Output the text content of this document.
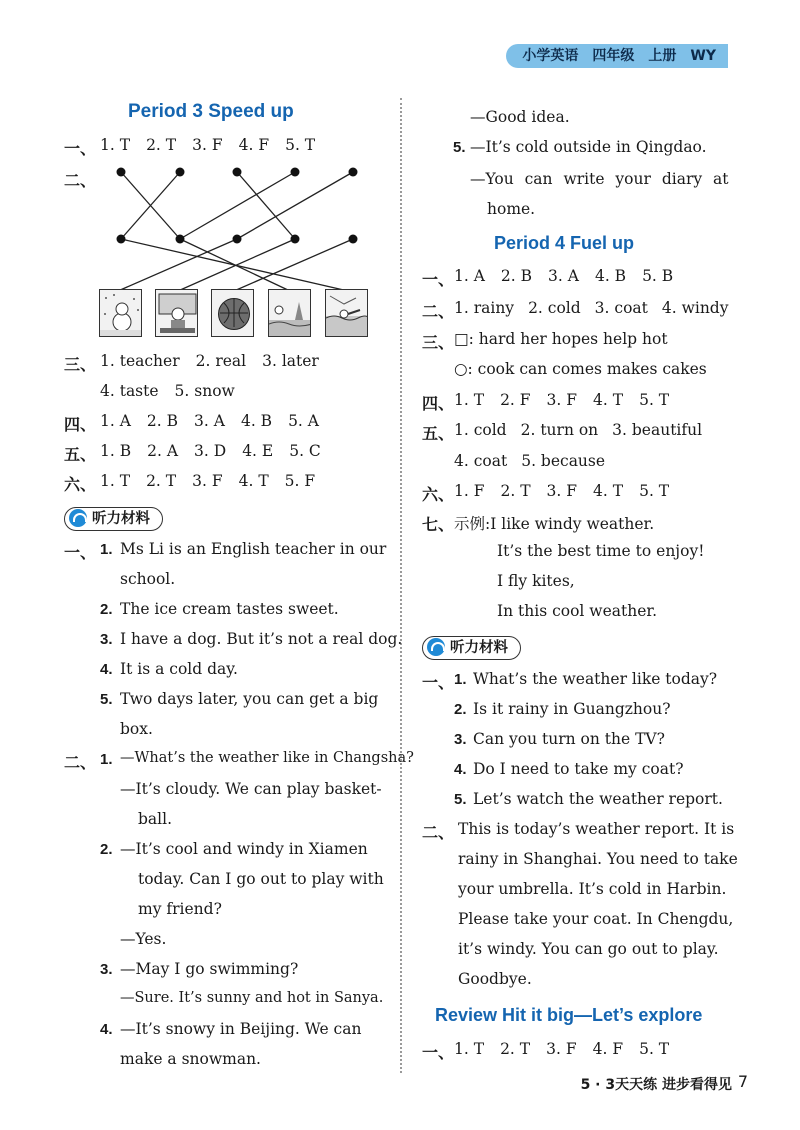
小学英语 四年级 上册 WY
Period 3 Speed up
一、 1. T 2. T 3. F 4. F 5. T
二、
三、 1. teacher 2. real 3. later
4. taste 5. snow
四、 1. A 2. B 3. A 4. B 5. A
五、 1. B 2. A 3. D 4. E 5. C
六、 1. T 2. T 3. F 4. T 5. F
听力材料
一、 1. Ms Li is an English teacher in our
school.
2. The ice cream tastes sweet.
3. I have a dog. But it’s not a real dog.
4. It is a cold day.
5. Two days later, you can get a big
box.
二、 1. —What’s the weather like in Changsha?
—It’s cloudy. We can play basket-
ball.
2. —It’s cool and windy in Xiamen
today. Can I go out to play with
my friend?
—Yes.
3. —May I go swimming?
—Sure. It’s sunny and hot in Sanya.
4. —It’s snowy in Beijing. We can
make a snowman.
—Good idea.
5. —It’s cold outside in Qingdao.
—You can write your diary at
home.
Period 4 Fuel up
一、 1. A 2. B 3. A 4. B 5. B
二、 1. rainy 2. cold 3. coat 4. windy
三、 □: hard her hopes help hot
○: cook can comes makes cakes
四、 1. T 2. F 3. F 4. T 5. T
五、 1. cold 2. turn on 3. beautiful
4. coat 5. because
六、 1. F 2. T 3. F 4. T 5. T
七、 示例:I like windy weather.
It’s the best time to enjoy!
I fly kites,
In this cool weather.
听力材料
一、 1. What’s the weather like today?
2. Is it rainy in Guangzhou?
3. Can you turn on the TV?
4. Do I need to take my coat?
5. Let’s watch the weather report.
二、 This is today’s weather report. It is
rainy in Shanghai. You need to take
your umbrella. It’s cold in Harbin.
Please take your coat. In Chengdu,
it’s windy. You can go out to play.
Goodbye.
Review Hit it big—Let’s explore
一、 1. T 2. T 3. F 4. F 5. T
5 · 3天天练 进步看得见 7
